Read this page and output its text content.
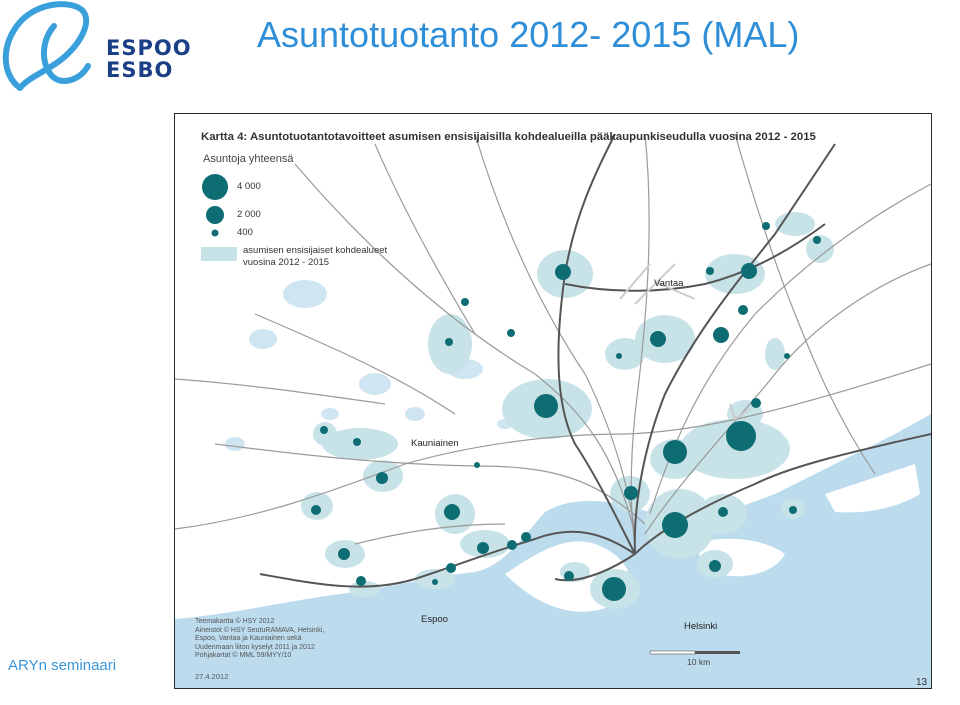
ESPOO
ESBO
Asuntotuotanto 2012- 2015 (MAL)
ARYn seminaari
Kartta 4: Asuntotuotantotavoitteet asumisen ensisijaisilla kohdealueilla pääkaupunkiseudulla vuosina 2012 - 2015
Asuntoja yhteensä
4 000
2 000
400
asumisen ensisijaiset kohdealueet
vuosina 2012 - 2015
Vantaa
Kauniainen
Espoo
Helsinki
Teemakartta © HSY 2012
Aineistot © HSY SeutuRAMAVA, Helsinki,
Espoo, Vantaa ja Kauniainen sekä
Uudenmaan liiton kyselyt 2011 ja 2012
Pohjakartat © MML 59/MYY/10
27.4.2012
10 km
13
